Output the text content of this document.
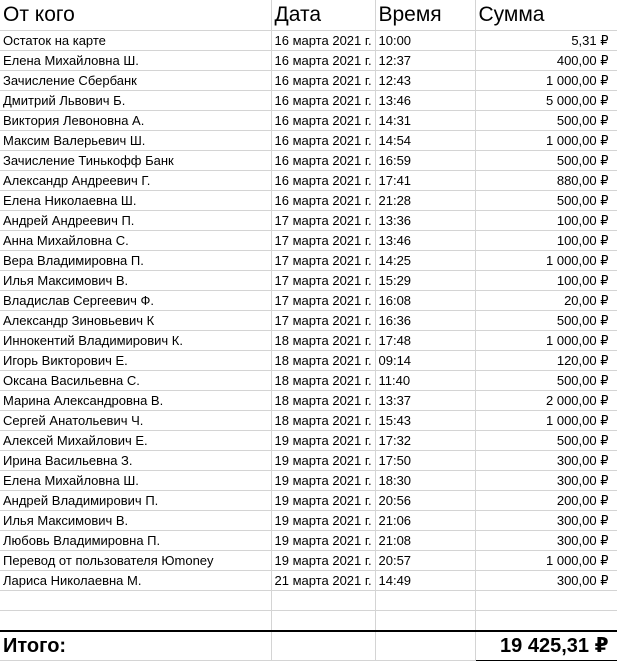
От кого	Дата	Время	Сумма
Остаток на карте	16 марта 2021 г.	10:00	5,31 ₽
Елена Михайловна Ш.	16 марта 2021 г.	12:37	400,00 ₽
Зачисление Сбербанк	16 марта 2021 г.	12:43	1 000,00 ₽
Дмитрий Львович Б.	16 марта 2021 г.	13:46	5 000,00 ₽
Виктория Левоновна А.	16 марта 2021 г.	14:31	500,00 ₽
Максим Валерьевич Ш.	16 марта 2021 г.	14:54	1 000,00 ₽
Зачисление Тинькофф Банк	16 марта 2021 г.	16:59	500,00 ₽
Александр Андреевич Г.	16 марта 2021 г.	17:41	880,00 ₽
Елена Николаевна Ш.	16 марта 2021 г.	21:28	500,00 ₽
Андрей Андреевич П.	17 марта 2021 г.	13:36	100,00 ₽
Анна Михайловна С.	17 марта 2021 г.	13:46	100,00 ₽
Вера Владимировна П.	17 марта 2021 г.	14:25	1 000,00 ₽
Илья Максимович В.	17 марта 2021 г.	15:29	100,00 ₽
Владислав Сергеевич Ф.	17 марта 2021 г.	16:08	20,00 ₽
Александр Зиновьевич К	17 марта 2021 г.	16:36	500,00 ₽
Иннокентий Владимирович К.	18 марта 2021 г.	17:48	1 000,00 ₽
Игорь Викторович Е.	18 марта 2021 г.	09:14	120,00 ₽
Оксана Васильевна С.	18 марта 2021 г.	11:40	500,00 ₽
Марина Александровна В.	18 марта 2021 г.	13:37	2 000,00 ₽
Сергей Анатольевич Ч.	18 марта 2021 г.	15:43	1 000,00 ₽
Алексей Михайлович Е.	19 марта 2021 г.	17:32	500,00 ₽
Ирина Васильевна З.	19 марта 2021 г.	17:50	300,00 ₽
Елена Михайловна Ш.	19 марта 2021 г.	18:30	300,00 ₽
Андрей Владимирович П.	19 марта 2021 г.	20:56	200,00 ₽
Илья Максимович В.	19 марта 2021 г.	21:06	300,00 ₽
Любовь Владимировна П.	19 марта 2021 г.	21:08	300,00 ₽
Перевод от пользователя Юmoney	19 марта 2021 г.	20:57	1 000,00 ₽
Лариса Николаевна М.	21 марта 2021 г.	14:49	300,00 ₽

Итого:			19 425,31 ₽
